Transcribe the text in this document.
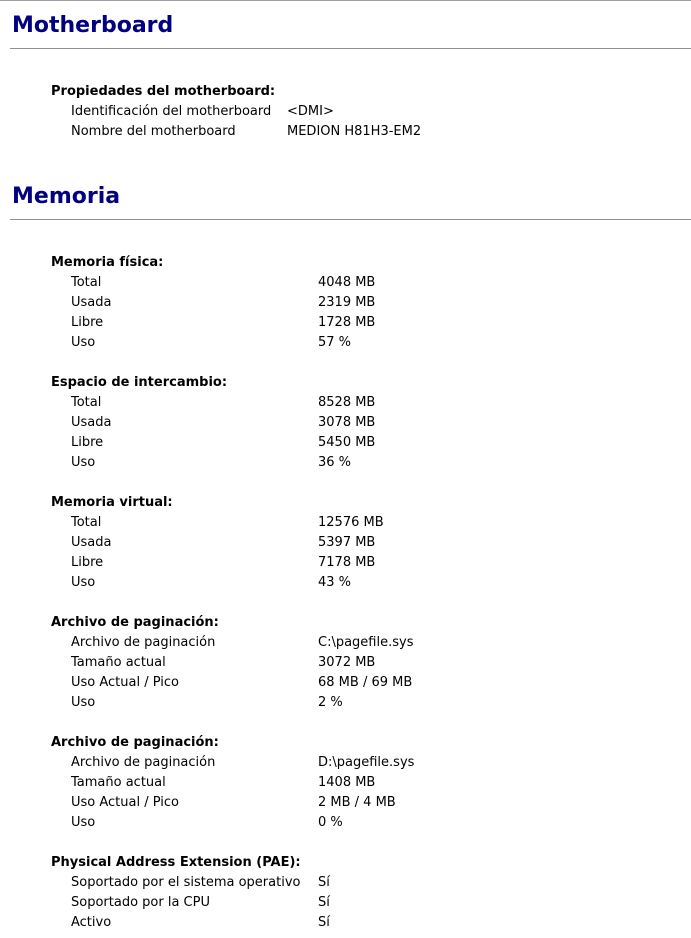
Motherboard
Propiedades del motherboard:
Identificación del motherboard <DMI>
Nombre del motherboard	MEDION H81H3-EM2
Memoria
Memoria física:
Total	4048 MB
Usada	2319 MB
Libre	1728 MB
Uso	57 %
Espacio de intercambio:
Total	8528 MB
Usada	3078 MB
Libre	5450 MB
Uso	36 %
Memoria virtual:
Total	12576 MB
Usada	5397 MB
Libre	7178 MB
Uso	43 %
Archivo de paginación:
Archivo de paginación	C:\pagefile.sys
Tamaño actual	3072 MB
Uso Actual / Pico	68 MB / 69 MB
Uso	2 %
Archivo de paginación:
Archivo de paginación	D:\pagefile.sys
Tamaño actual	1408 MB
Uso Actual / Pico	2 MB / 4 MB
Uso	0 %
Physical Address Extension (PAE):
Soportado por el sistema operativo Sí
Soportado por la CPU	Sí
Activo	Sí
